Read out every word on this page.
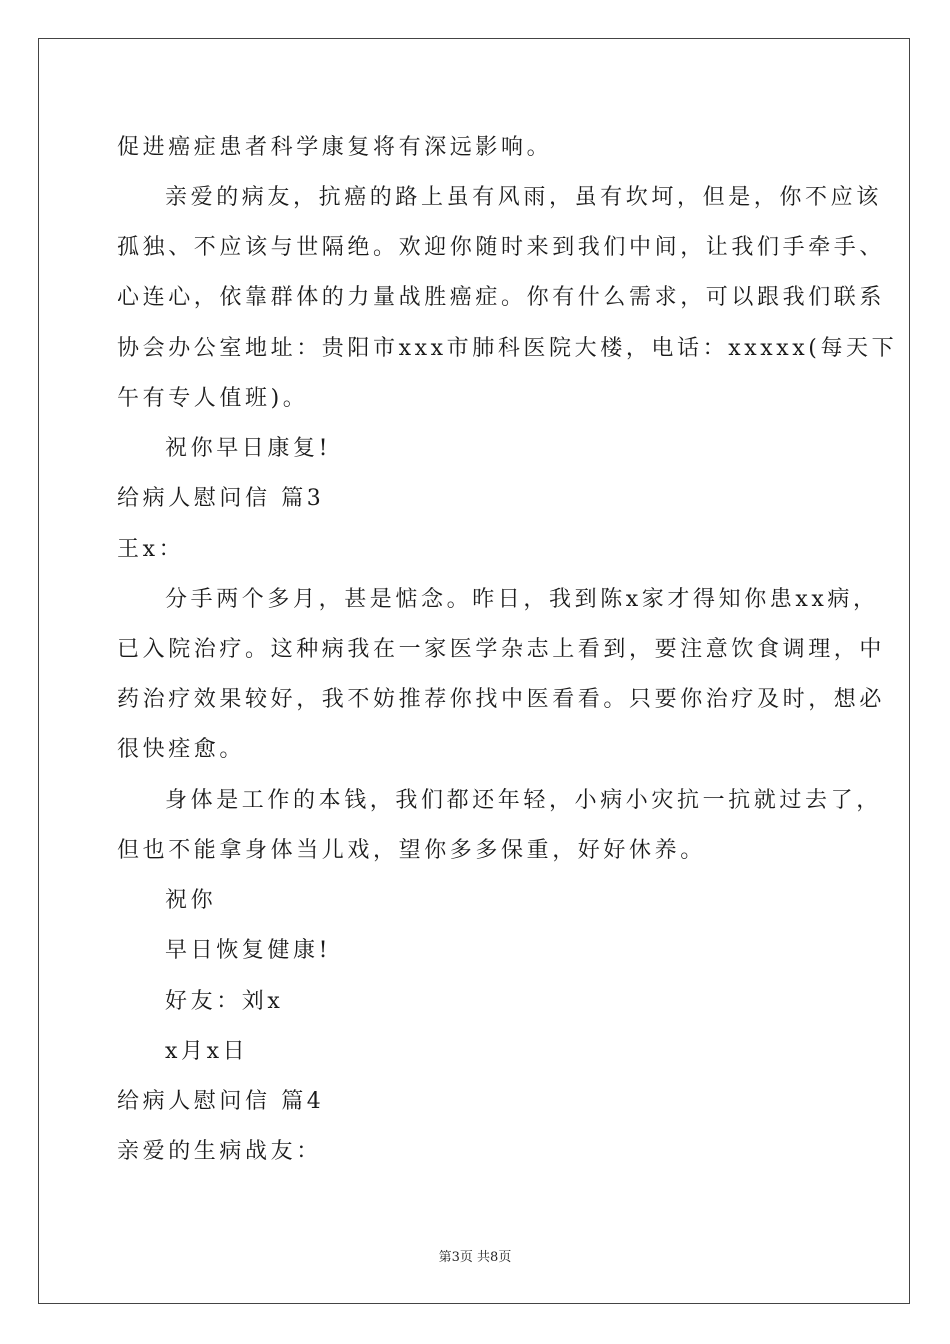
促进癌症患者科学康复将有深远影响。

亲爱的病友，抗癌的路上虽有风雨，虽有坎坷，但是，你不应该

孤独、不应该与世隔绝。欢迎你随时来到我们中间，让我们手牵手、

心连心，依靠群体的力量战胜癌症。你有什么需求，可以跟我们联系

协会办公室地址：贵阳市xxx市肺科医院大楼，电话：xxxxx(每天下

午有专人值班)。

祝你早日康复!

给病人慰问信 篇3

王x：

分手两个多月，甚是惦念。昨日，我到陈x家才得知你患xx病，

已入院治疗。这种病我在一家医学杂志上看到，要注意饮食调理，中

药治疗效果较好，我不妨推荐你找中医看看。只要你治疗及时，想必

很快痊愈。

身体是工作的本钱，我们都还年轻，小病小灾抗一抗就过去了，

但也不能拿身体当儿戏，望你多多保重，好好休养。

祝你

早日恢复健康!

好友：刘x

x月x日

给病人慰问信 篇4

亲爱的生病战友：

第3页 共8页
